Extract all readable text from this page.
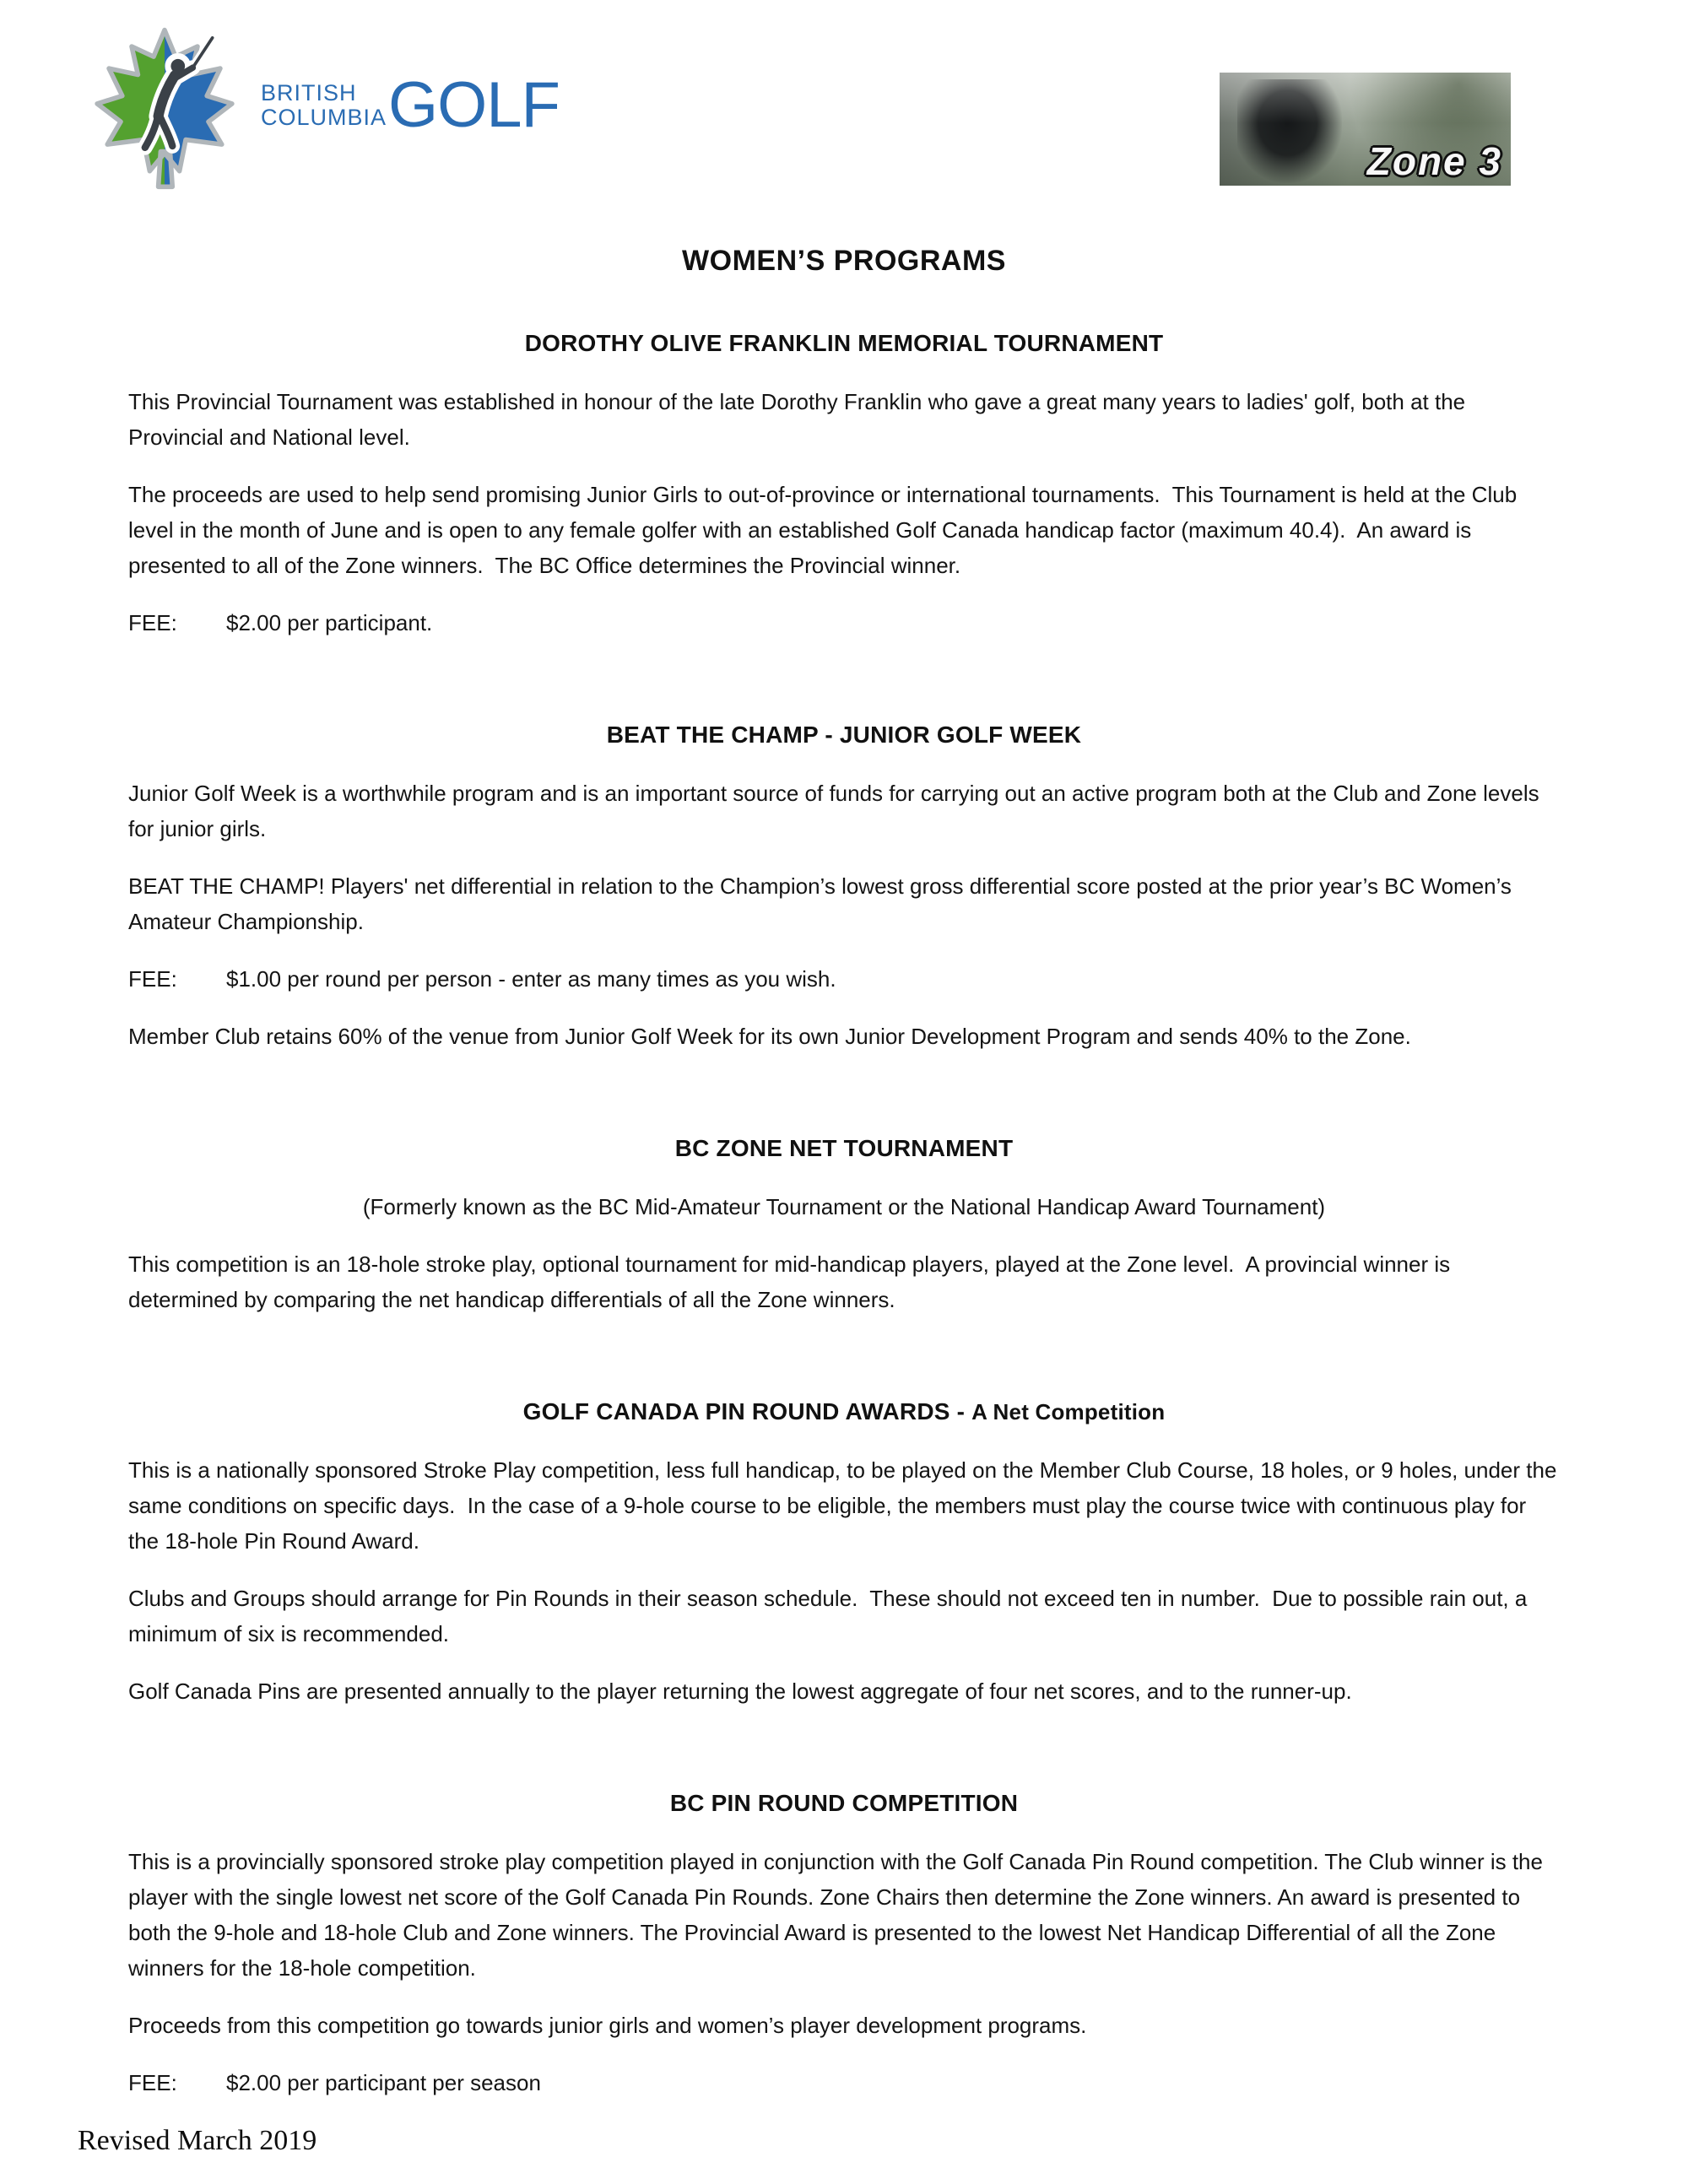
BRITISH
COLUMBIA GOLF
Zone 3
WOMEN’S PROGRAMS
DOROTHY OLIVE FRANKLIN MEMORIAL TOURNAMENT

This Provincial Tournament was established in honour of the late Dorothy Franklin who gave a great many years to ladies' golf, both at the Provincial and National level.

The proceeds are used to help send promising Junior Girls to out-of-province or international tournaments.  This Tournament is held at the Club level in the month of June and is open to any female golfer with an established Golf Canada handicap factor (maximum 40.4).  An award is presented to all of the Zone winners.  The BC Office determines the Provincial winner.

FEE: $2.00 per participant.

BEAT THE CHAMP - JUNIOR GOLF WEEK

Junior Golf Week is a worthwhile program and is an important source of funds for carrying out an active program both at the Club and Zone levels for junior girls.

BEAT THE CHAMP! Players' net differential in relation to the Champion’s lowest gross differential score posted at the prior year’s BC Women’s Amateur Championship.

FEE: $1.00 per round per person - enter as many times as you wish.

Member Club retains 60% of the venue from Junior Golf Week for its own Junior Development Program and sends 40% to the Zone.

BC ZONE NET TOURNAMENT

(Formerly known as the BC Mid-Amateur Tournament or the National Handicap Award Tournament)

This competition is an 18-hole stroke play, optional tournament for mid-handicap players, played at the Zone level.  A provincial winner is determined by comparing the net handicap differentials of all the Zone winners.

GOLF CANADA PIN ROUND AWARDS - A Net Competition

This is a nationally sponsored Stroke Play competition, less full handicap, to be played on the Member Club Course, 18 holes, or 9 holes, under the same conditions on specific days.  In the case of a 9-hole course to be eligible, the members must play the course twice with continuous play for the 18-hole Pin Round Award.

Clubs and Groups should arrange for Pin Rounds in their season schedule.  These should not exceed ten in number.  Due to possible rain out, a minimum of six is recommended.

Golf Canada Pins are presented annually to the player returning the lowest aggregate of four net scores, and to the runner-up.

BC PIN ROUND COMPETITION

This is a provincially sponsored stroke play competition played in conjunction with the Golf Canada Pin Round competition. The Club winner is the player with the single lowest net score of the Golf Canada Pin Rounds. Zone Chairs then determine the Zone winners. An award is presented to both the 9-hole and 18-hole Club and Zone winners. The Provincial Award is presented to the lowest Net Handicap Differential of all the Zone winners for the 18-hole competition.

Proceeds from this competition go towards junior girls and women’s player development programs.

FEE: $2.00 per participant per season

Revised March 2019
